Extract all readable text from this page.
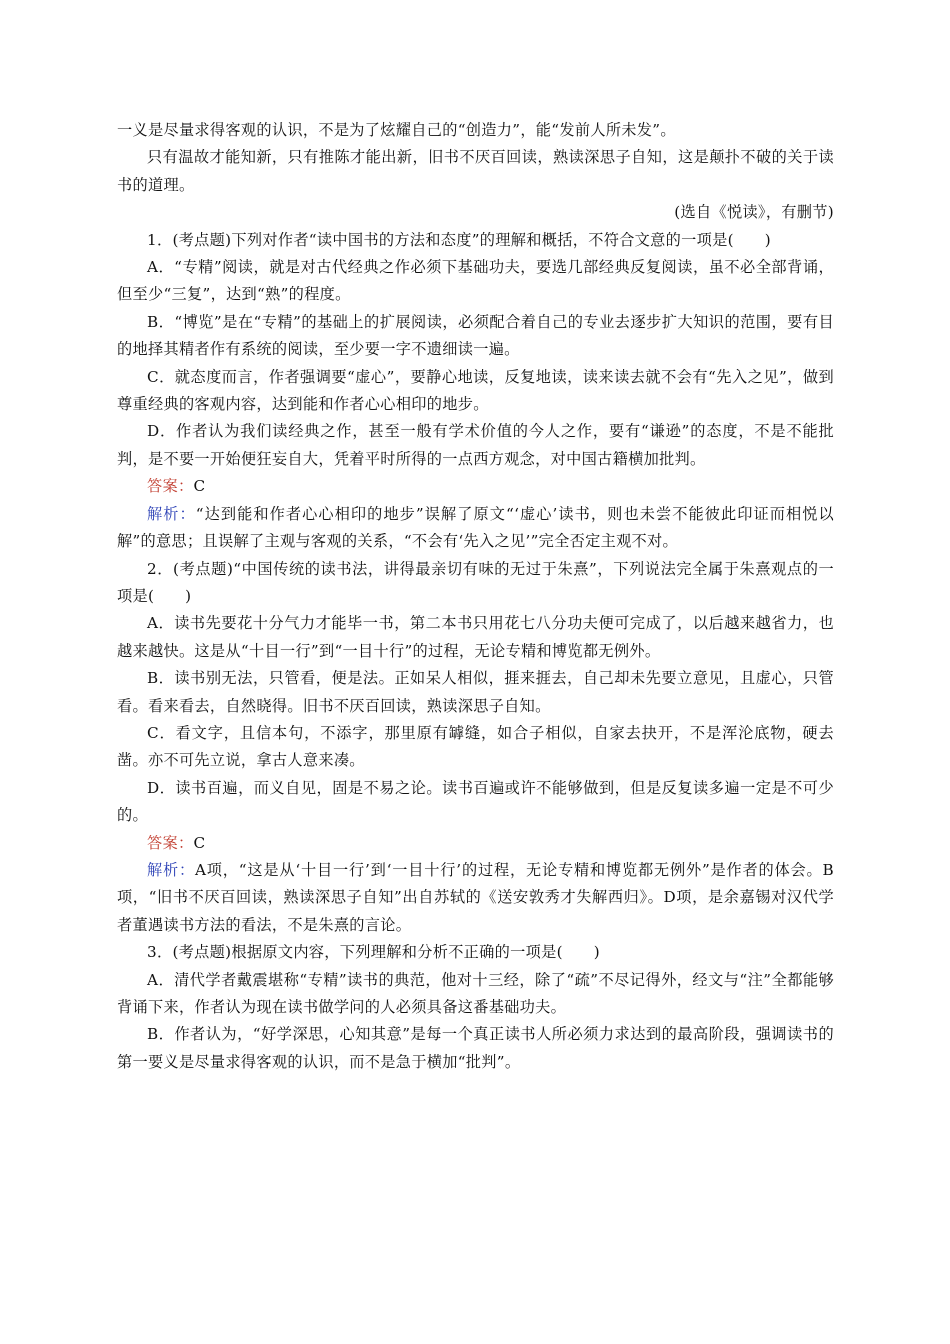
一义是尽量求得客观的认识，不是为了炫耀自己的“创造力”，能“发前人所未发”。

只有温故才能知新，只有推陈才能出新，旧书不厌百回读，熟读深思子自知，这是颠扑不破的关于读书的道理。

(选自《悦读》，有删节)

1．(考点题)下列对作者“读中国书的方法和态度”的理解和概括，不符合文意的一项是(　　)

A．“专精”阅读，就是对古代经典之作必须下基础功夫，要选几部经典反复阅读，虽不必全部背诵，但至少“三复”，达到“熟”的程度。

B．“博览”是在“专精”的基础上的扩展阅读，必须配合着自己的专业去逐步扩大知识的范围，要有目的地择其精者作有系统的阅读，至少要一字不遗细读一遍。

C．就态度而言，作者强调要“虚心”，要静心地读，反复地读，读来读去就不会有“先入之见”，做到尊重经典的客观内容，达到能和作者心心相印的地步。

D．作者认为我们读经典之作，甚至一般有学术价值的今人之作，要有“谦逊”的态度，不是不能批判，是不要一开始便狂妄自大，凭着平时所得的一点西方观念，对中国古籍横加批判。

答案：C

解析：“达到能和作者心心相印的地步”误解了原文“‘虚心’读书，则也未尝不能彼此印证而相悦以解”的意思；且误解了主观与客观的关系，“不会有‘先入之见’”完全否定主观不对。

2．(考点题)“中国传统的读书法，讲得最亲切有味的无过于朱熹”，下列说法完全属于朱熹观点的一项是(　　)

A．读书先要花十分气力才能毕一书，第二本书只用花七八分功夫便可完成了，以后越来越省力，也越来越快。这是从“十目一行”到“一目十行”的过程，无论专精和博览都无例外。

B．读书别无法，只管看，便是法。正如呆人相似，捱来捱去，自己却未先要立意见，且虚心，只管看。看来看去，自然晓得。旧书不厌百回读，熟读深思子自知。

C．看文字，且信本句，不添字，那里原有罅缝，如合子相似，自家去抉开，不是浑沦底物，硬去凿。亦不可先立说，拿古人意来凑。

D．读书百遍，而义自见，固是不易之论。读书百遍或许不能够做到，但是反复读多遍一定是不可少的。

答案：C

解析：A项，“这是从‘十目一行’到‘一目十行’的过程，无论专精和博览都无例外”是作者的体会。B项，“旧书不厌百回读，熟读深思子自知”出自苏轼的《送安敦秀才失解西归》。D项，是余嘉锡对汉代学者董遇读书方法的看法，不是朱熹的言论。

3．(考点题)根据原文内容，下列理解和分析不正确的一项是(　　)

A．清代学者戴震堪称“专精”读书的典范，他对十三经，除了“疏”不尽记得外，经文与“注”全都能够背诵下来，作者认为现在读书做学问的人必须具备这番基础功夫。

B．作者认为，“好学深思，心知其意”是每一个真正读书人所必须力求达到的最高阶段，强调读书的第一要义是尽量求得客观的认识，而不是急于横加“批判”。
